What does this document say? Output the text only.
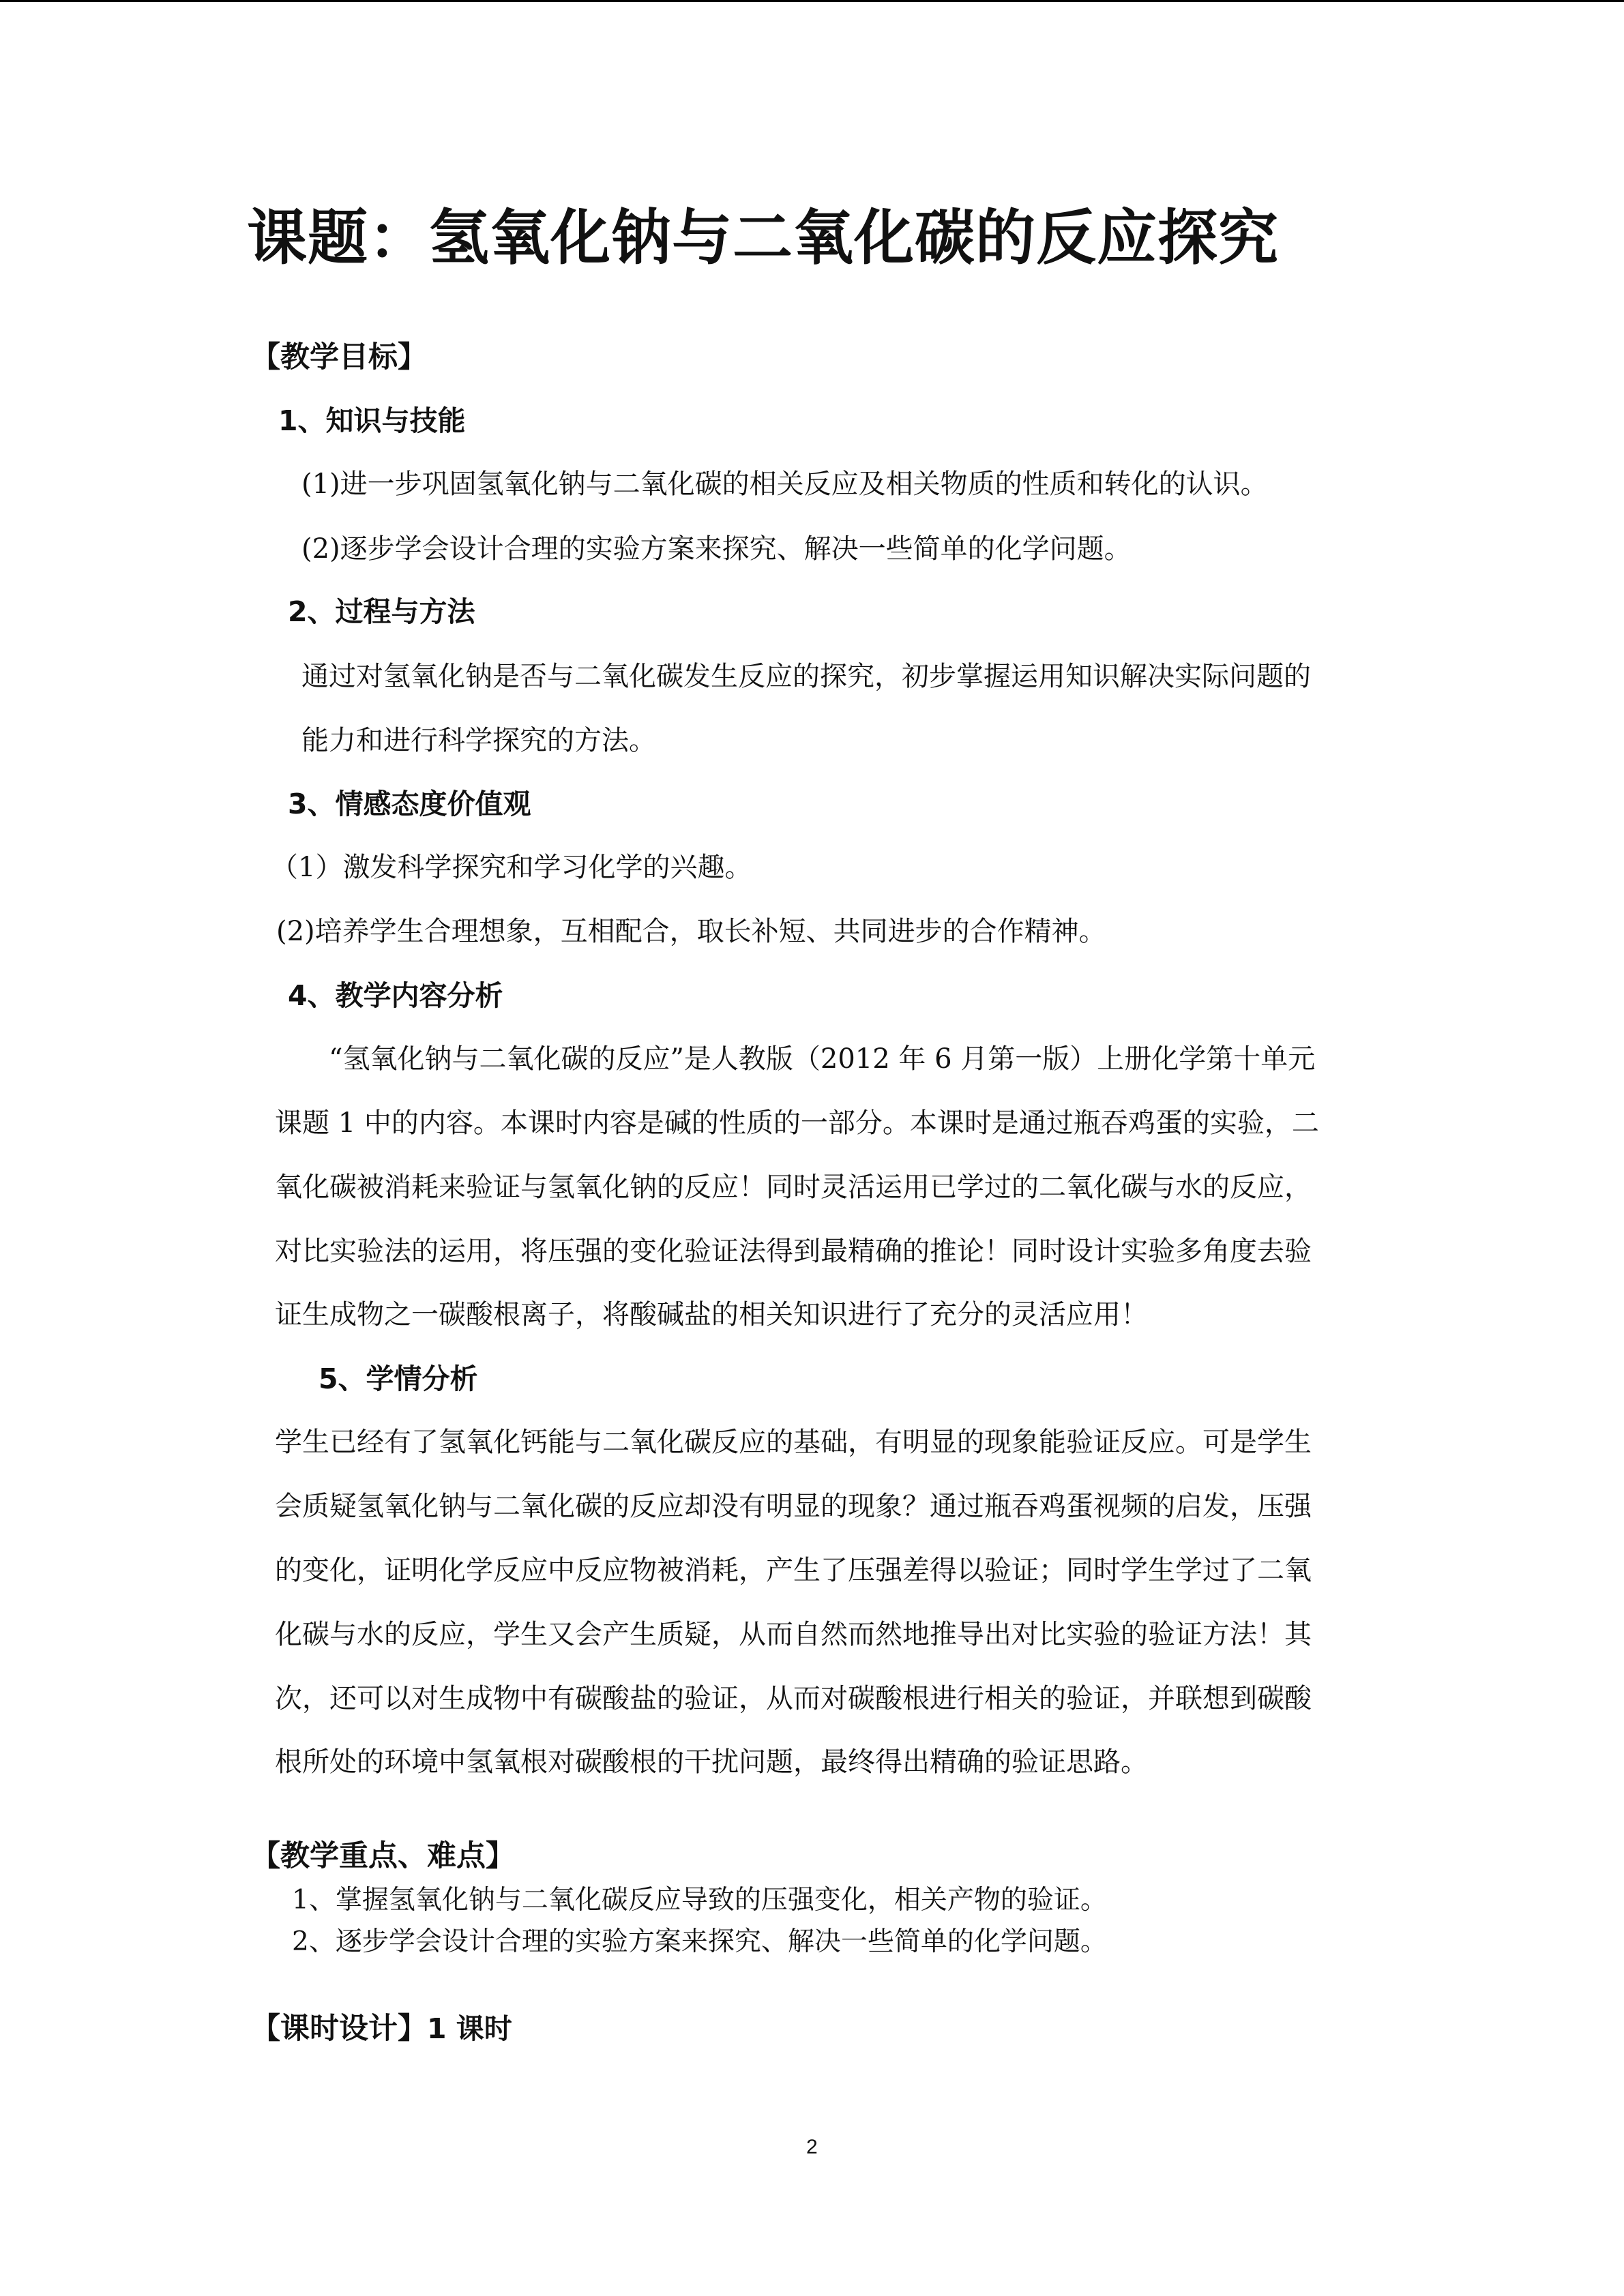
课题：氢氧化钠与二氧化碳的反应探究
【教学目标】
1、知识与技能
(1)进一步巩固氢氧化钠与二氧化碳的相关反应及相关物质的性质和转化的认识。
(2)逐步学会设计合理的实验方案来探究、解决一些简单的化学问题。
2、过程与方法
通过对氢氧化钠是否与二氧化碳发生反应的探究，初步掌握运用知识解决实际问题的
能力和进行科学探究的方法。
3、情感态度价值观
（1）激发科学探究和学习化学的兴趣。
(2)培养学生合理想象，互相配合，取长补短、共同进步的合作精神。
4、教学内容分析
“氢氧化钠与二氧化碳的反应”是人教版（2012 年 6 月第一版）上册化学第十单元
课题 1 中的内容。本课时内容是碱的性质的一部分。本课时是通过瓶吞鸡蛋的实验，二
氧化碳被消耗来验证与氢氧化钠的反应！同时灵活运用已学过的二氧化碳与水的反应，
对比实验法的运用，将压强的变化验证法得到最精确的推论！同时设计实验多角度去验
证生成物之一碳酸根离子，将酸碱盐的相关知识进行了充分的灵活应用！
5、学情分析
学生已经有了氢氧化钙能与二氧化碳反应的基础，有明显的现象能验证反应。可是学生
会质疑氢氧化钠与二氧化碳的反应却没有明显的现象？通过瓶吞鸡蛋视频的启发，压强
的变化，证明化学反应中反应物被消耗，产生了压强差得以验证；同时学生学过了二氧
化碳与水的反应，学生又会产生质疑，从而自然而然地推导出对比实验的验证方法！其
次，还可以对生成物中有碳酸盐的验证，从而对碳酸根进行相关的验证，并联想到碳酸
根所处的环境中氢氧根对碳酸根的干扰问题，最终得出精确的验证思路。
【教学重点、难点】
1、掌握氢氧化钠与二氧化碳反应导致的压强变化，相关产物的验证。
2、逐步学会设计合理的实验方案来探究、解决一些简单的化学问题。
【课时设计】1 课时
2
